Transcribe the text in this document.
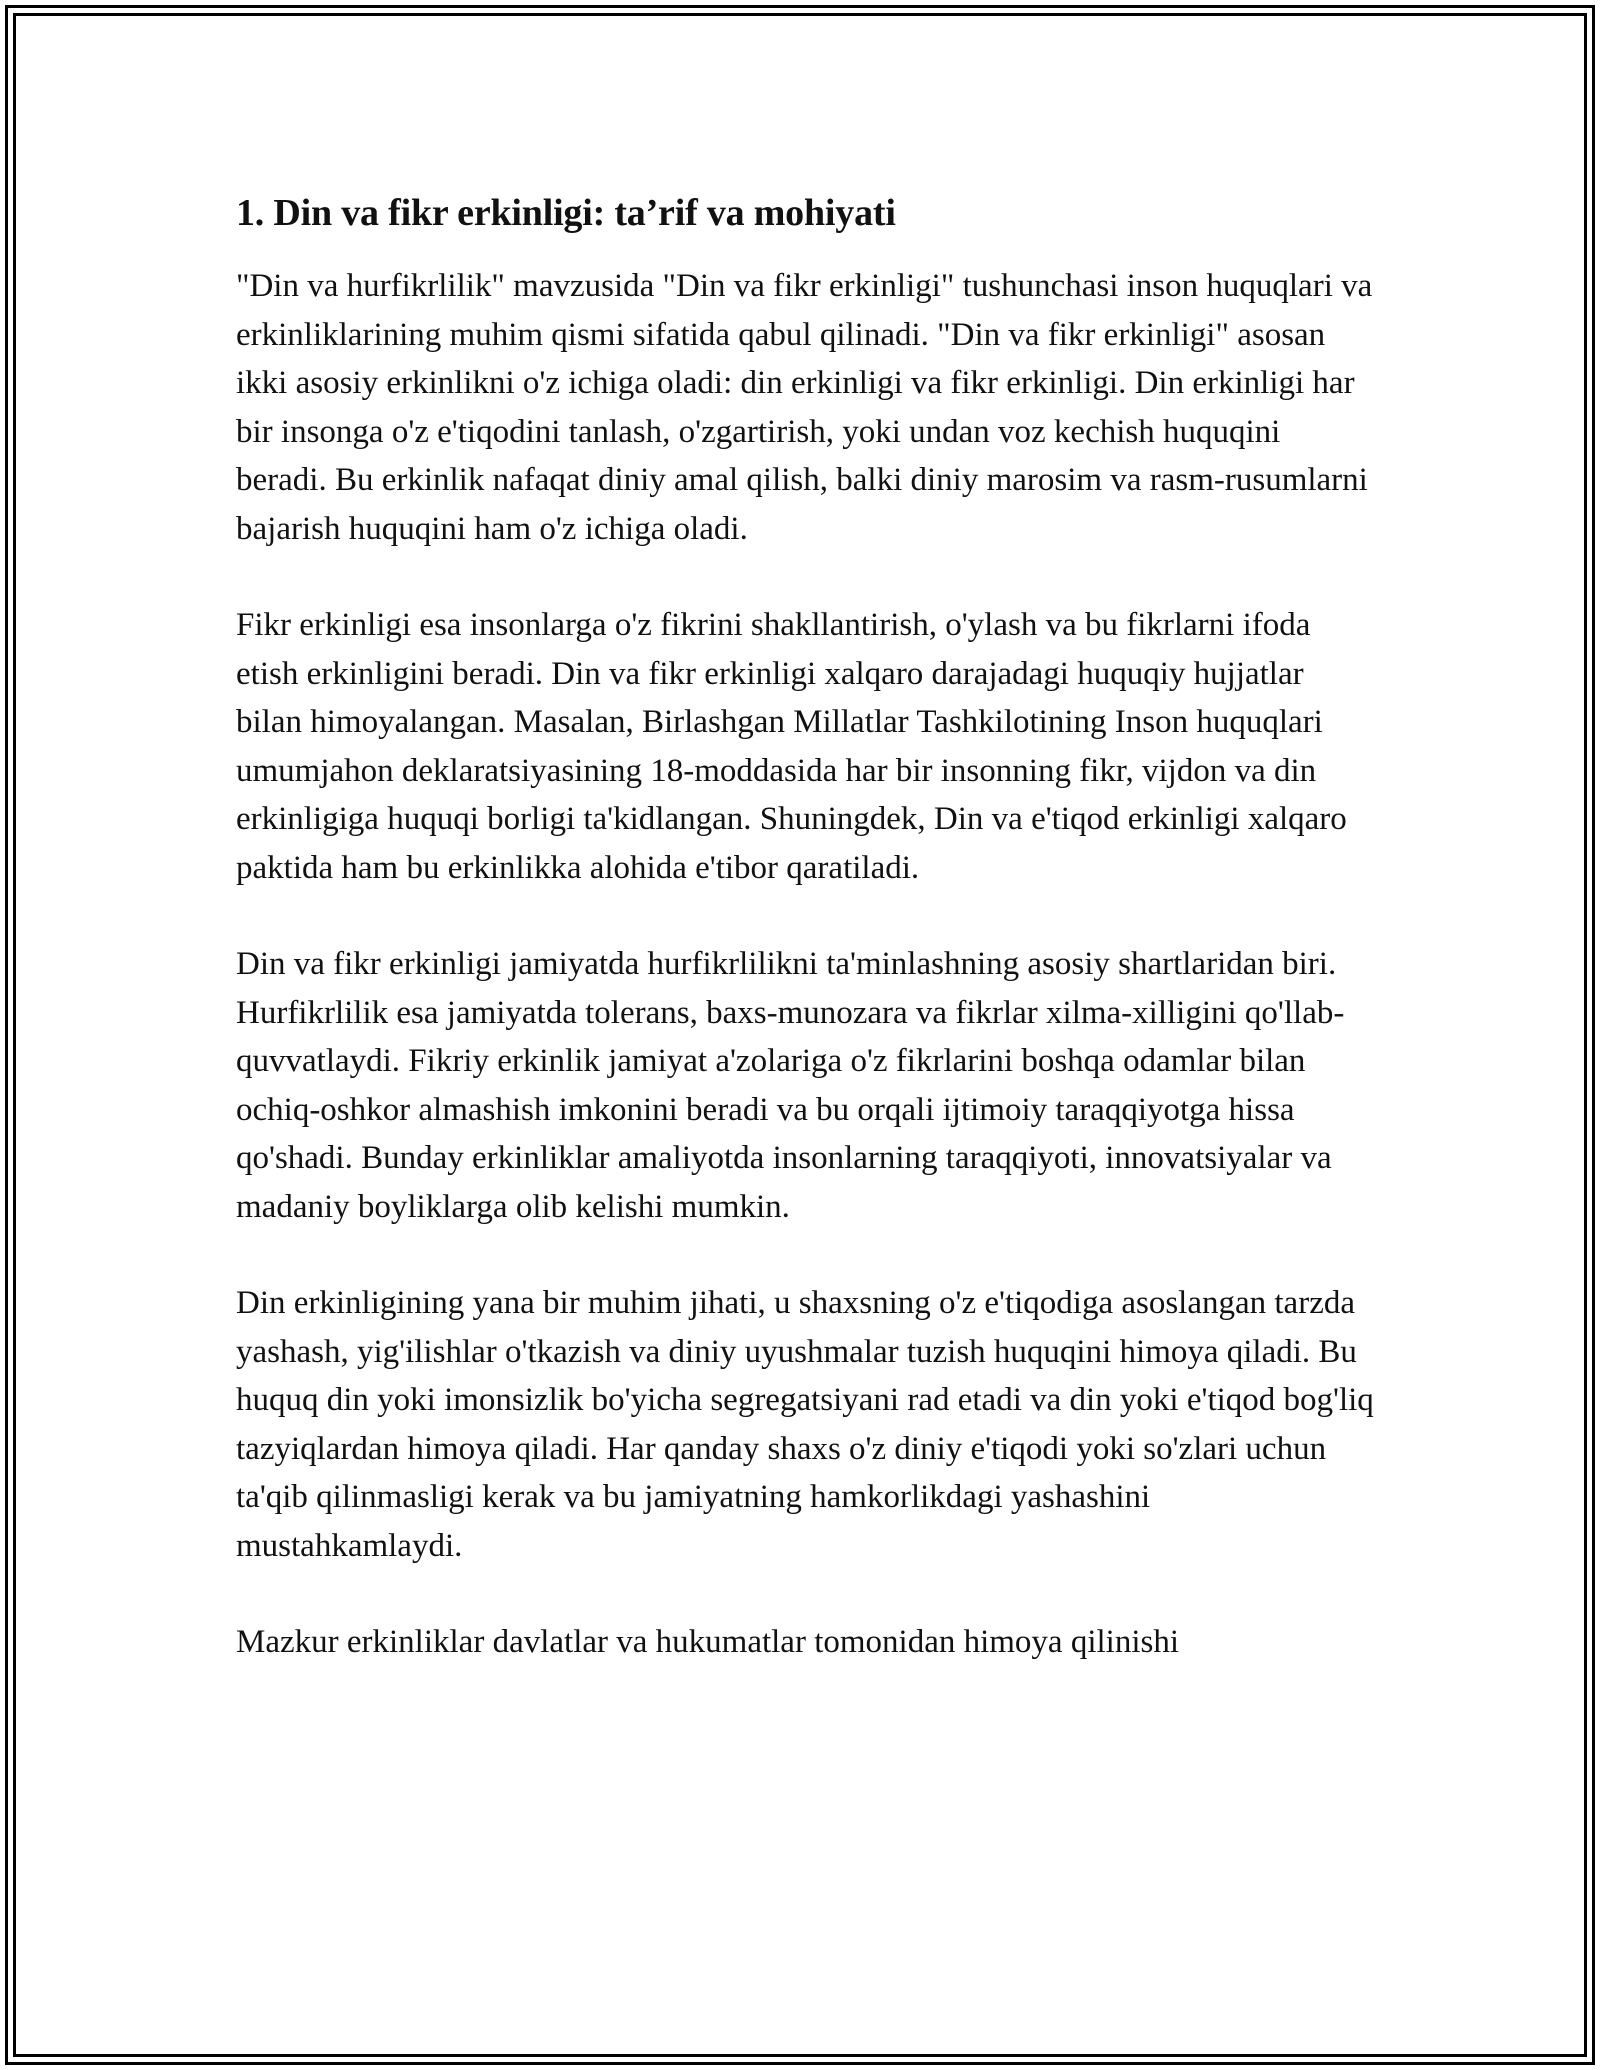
1. Din va fikr erkinligi: ta’rif va mohiyati

"Din va hurfikrlilik" mavzusida "Din va fikr erkinligi" tushunchasi inson huquqlari va erkinliklarining muhim qismi sifatida qabul qilinadi. "Din va fikr erkinligi" asosan ikki asosiy erkinlikni o'z ichiga oladi: din erkinligi va fikr erkinligi. Din erkinligi har bir insonga o'z e'tiqodini tanlash, o'zgartirish, yoki undan voz kechish huquqini beradi. Bu erkinlik nafaqat diniy amal qilish, balki diniy marosim va rasm-rusumlarni bajarish huquqini ham o'z ichiga oladi.

Fikr erkinligi esa insonlarga o'z fikrini shakllantirish, o'ylash va bu fikrlarni ifoda etish erkinligini beradi. Din va fikr erkinligi xalqaro darajadagi huquqiy hujjatlar bilan himoyalangan. Masalan, Birlashgan Millatlar Tashkilotining Inson huquqlari umumjahon deklaratsiyasining 18-moddasida har bir insonning fikr, vijdon va din erkinligiga huquqi borligi ta'kidlangan. Shuningdek, Din va e'tiqod erkinligi xalqaro paktida ham bu erkinlikka alohida e'tibor qaratiladi.

Din va fikr erkinligi jamiyatda hurfikrlilikni ta'minlashning asosiy shartlaridan biri. Hurfikrlilik esa jamiyatda tolerans, baxs-munozara va fikrlar xilma-xilligini qo'llab-quvvatlaydi. Fikriy erkinlik jamiyat a'zolariga o'z fikrlarini boshqa odamlar bilan ochiq-oshkor almashish imkonini beradi va bu orqali ijtimoiy taraqqiyotga hissa qo'shadi. Bunday erkinliklar amaliyotda insonlarning taraqqiyoti, innovatsiyalar va madaniy boyliklarga olib kelishi mumkin.

Din erkinligining yana bir muhim jihati, u shaxsning o'z e'tiqodiga asoslangan tarzda yashash, yig'ilishlar o'tkazish va diniy uyushmalar tuzish huquqini himoya qiladi. Bu huquq din yoki imonsizlik bo'yicha segregatsiyani rad etadi va din yoki e'tiqod bog'liq tazyiqlardan himoya qiladi. Har qanday shaxs o'z diniy e'tiqodi yoki so'zlari uchun ta'qib qilinmasligi kerak va bu jamiyatning hamkorlikdagi yashashini mustahkamlaydi.

Mazkur erkinliklar davlatlar va hukumatlar tomonidan himoya qilinishi
